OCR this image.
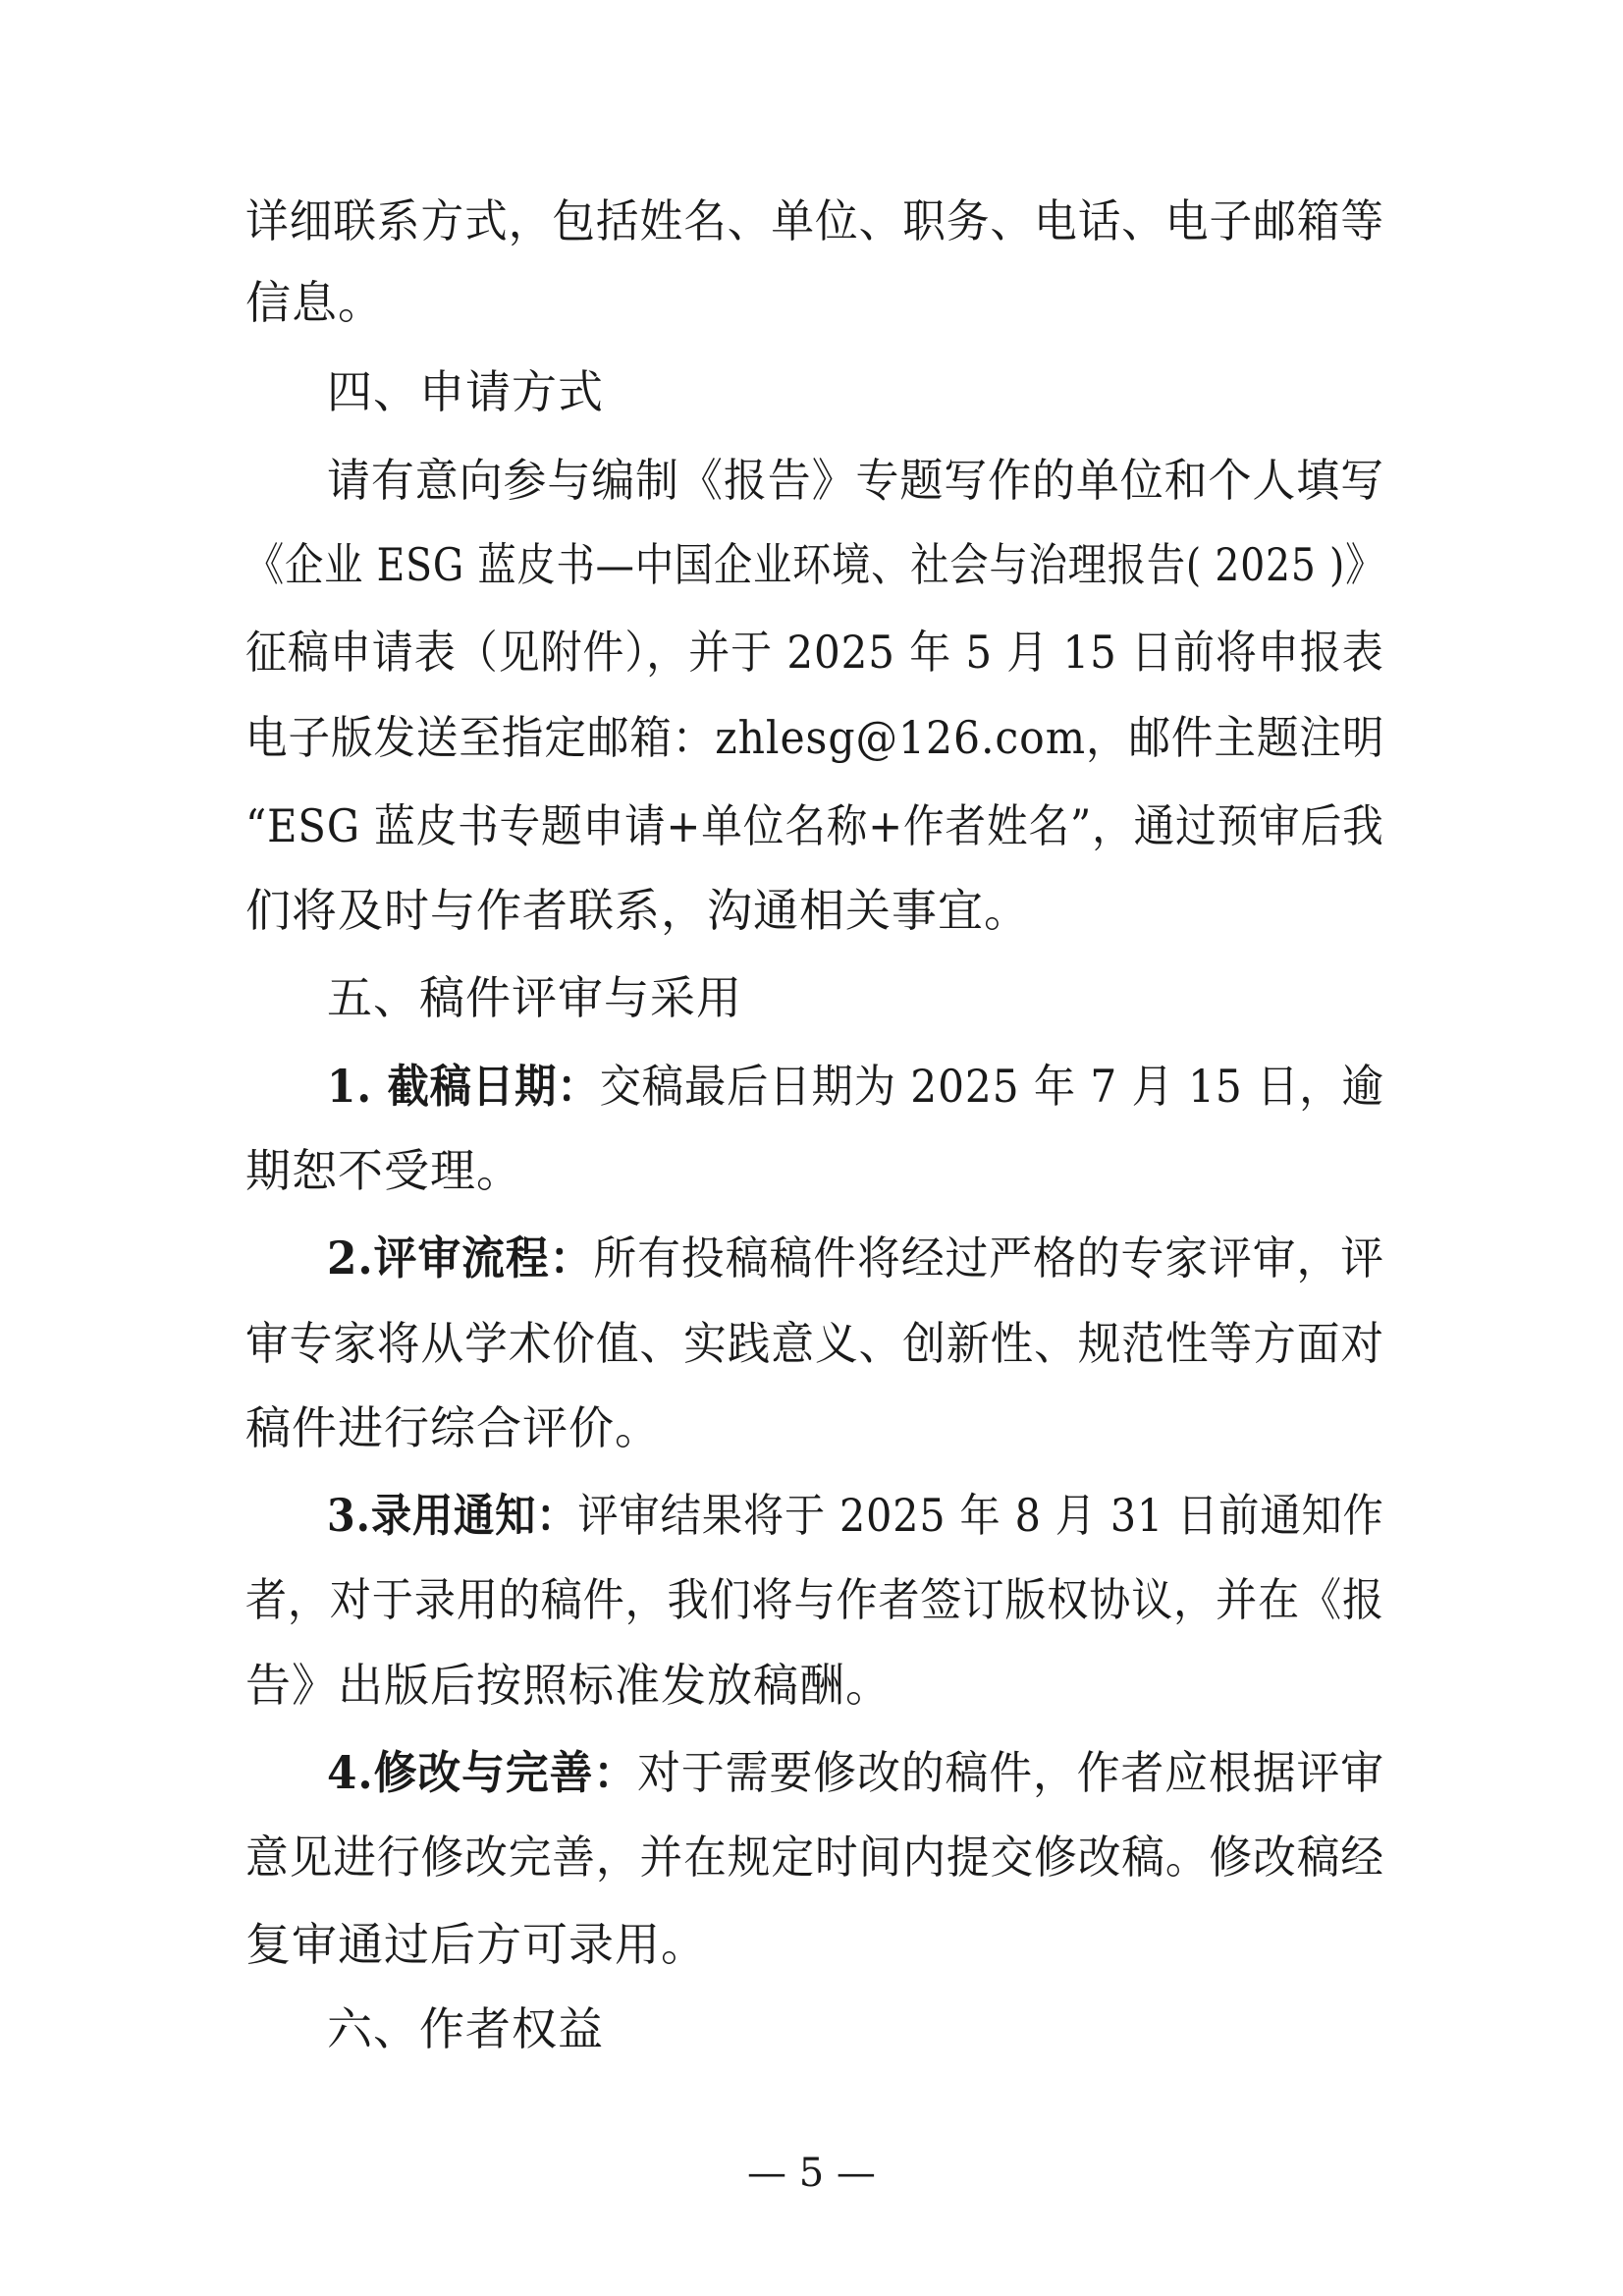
详细联系方式，包括姓名、单位、职务、电话、电子邮箱等
信息。
四、申请方式
请有意向参与编制《报告》专题写作的单位和个人填写
《企业 ESG 蓝皮书—中国企业环境、社会与治理报告( 2025 )》
征稿申请表（见附件），并于 2025 年 5 月 15 日前将申报表
电子版发送至指定邮箱：zhlesg@126.com，邮件主题注明
“ESG 蓝皮书专题申请+单位名称+作者姓名”，通过预审后我
们将及时与作者联系，沟通相关事宜。
五、稿件评审与采用
1. 截稿日期：交稿最后日期为 2025 年 7 月 15 日，逾
期恕不受理。
2.评审流程：所有投稿稿件将经过严格的专家评审，评
审专家将从学术价值、实践意义、创新性、规范性等方面对
稿件进行综合评价。
3.录用通知：评审结果将于 2025 年 8 月 31 日前通知作
者，对于录用的稿件，我们将与作者签订版权协议，并在《报
告》出版后按照标准发放稿酬。
4.修改与完善：对于需要修改的稿件，作者应根据评审
意见进行修改完善，并在规定时间内提交修改稿。修改稿经
复审通过后方可录用。
六、作者权益
— 5 —
